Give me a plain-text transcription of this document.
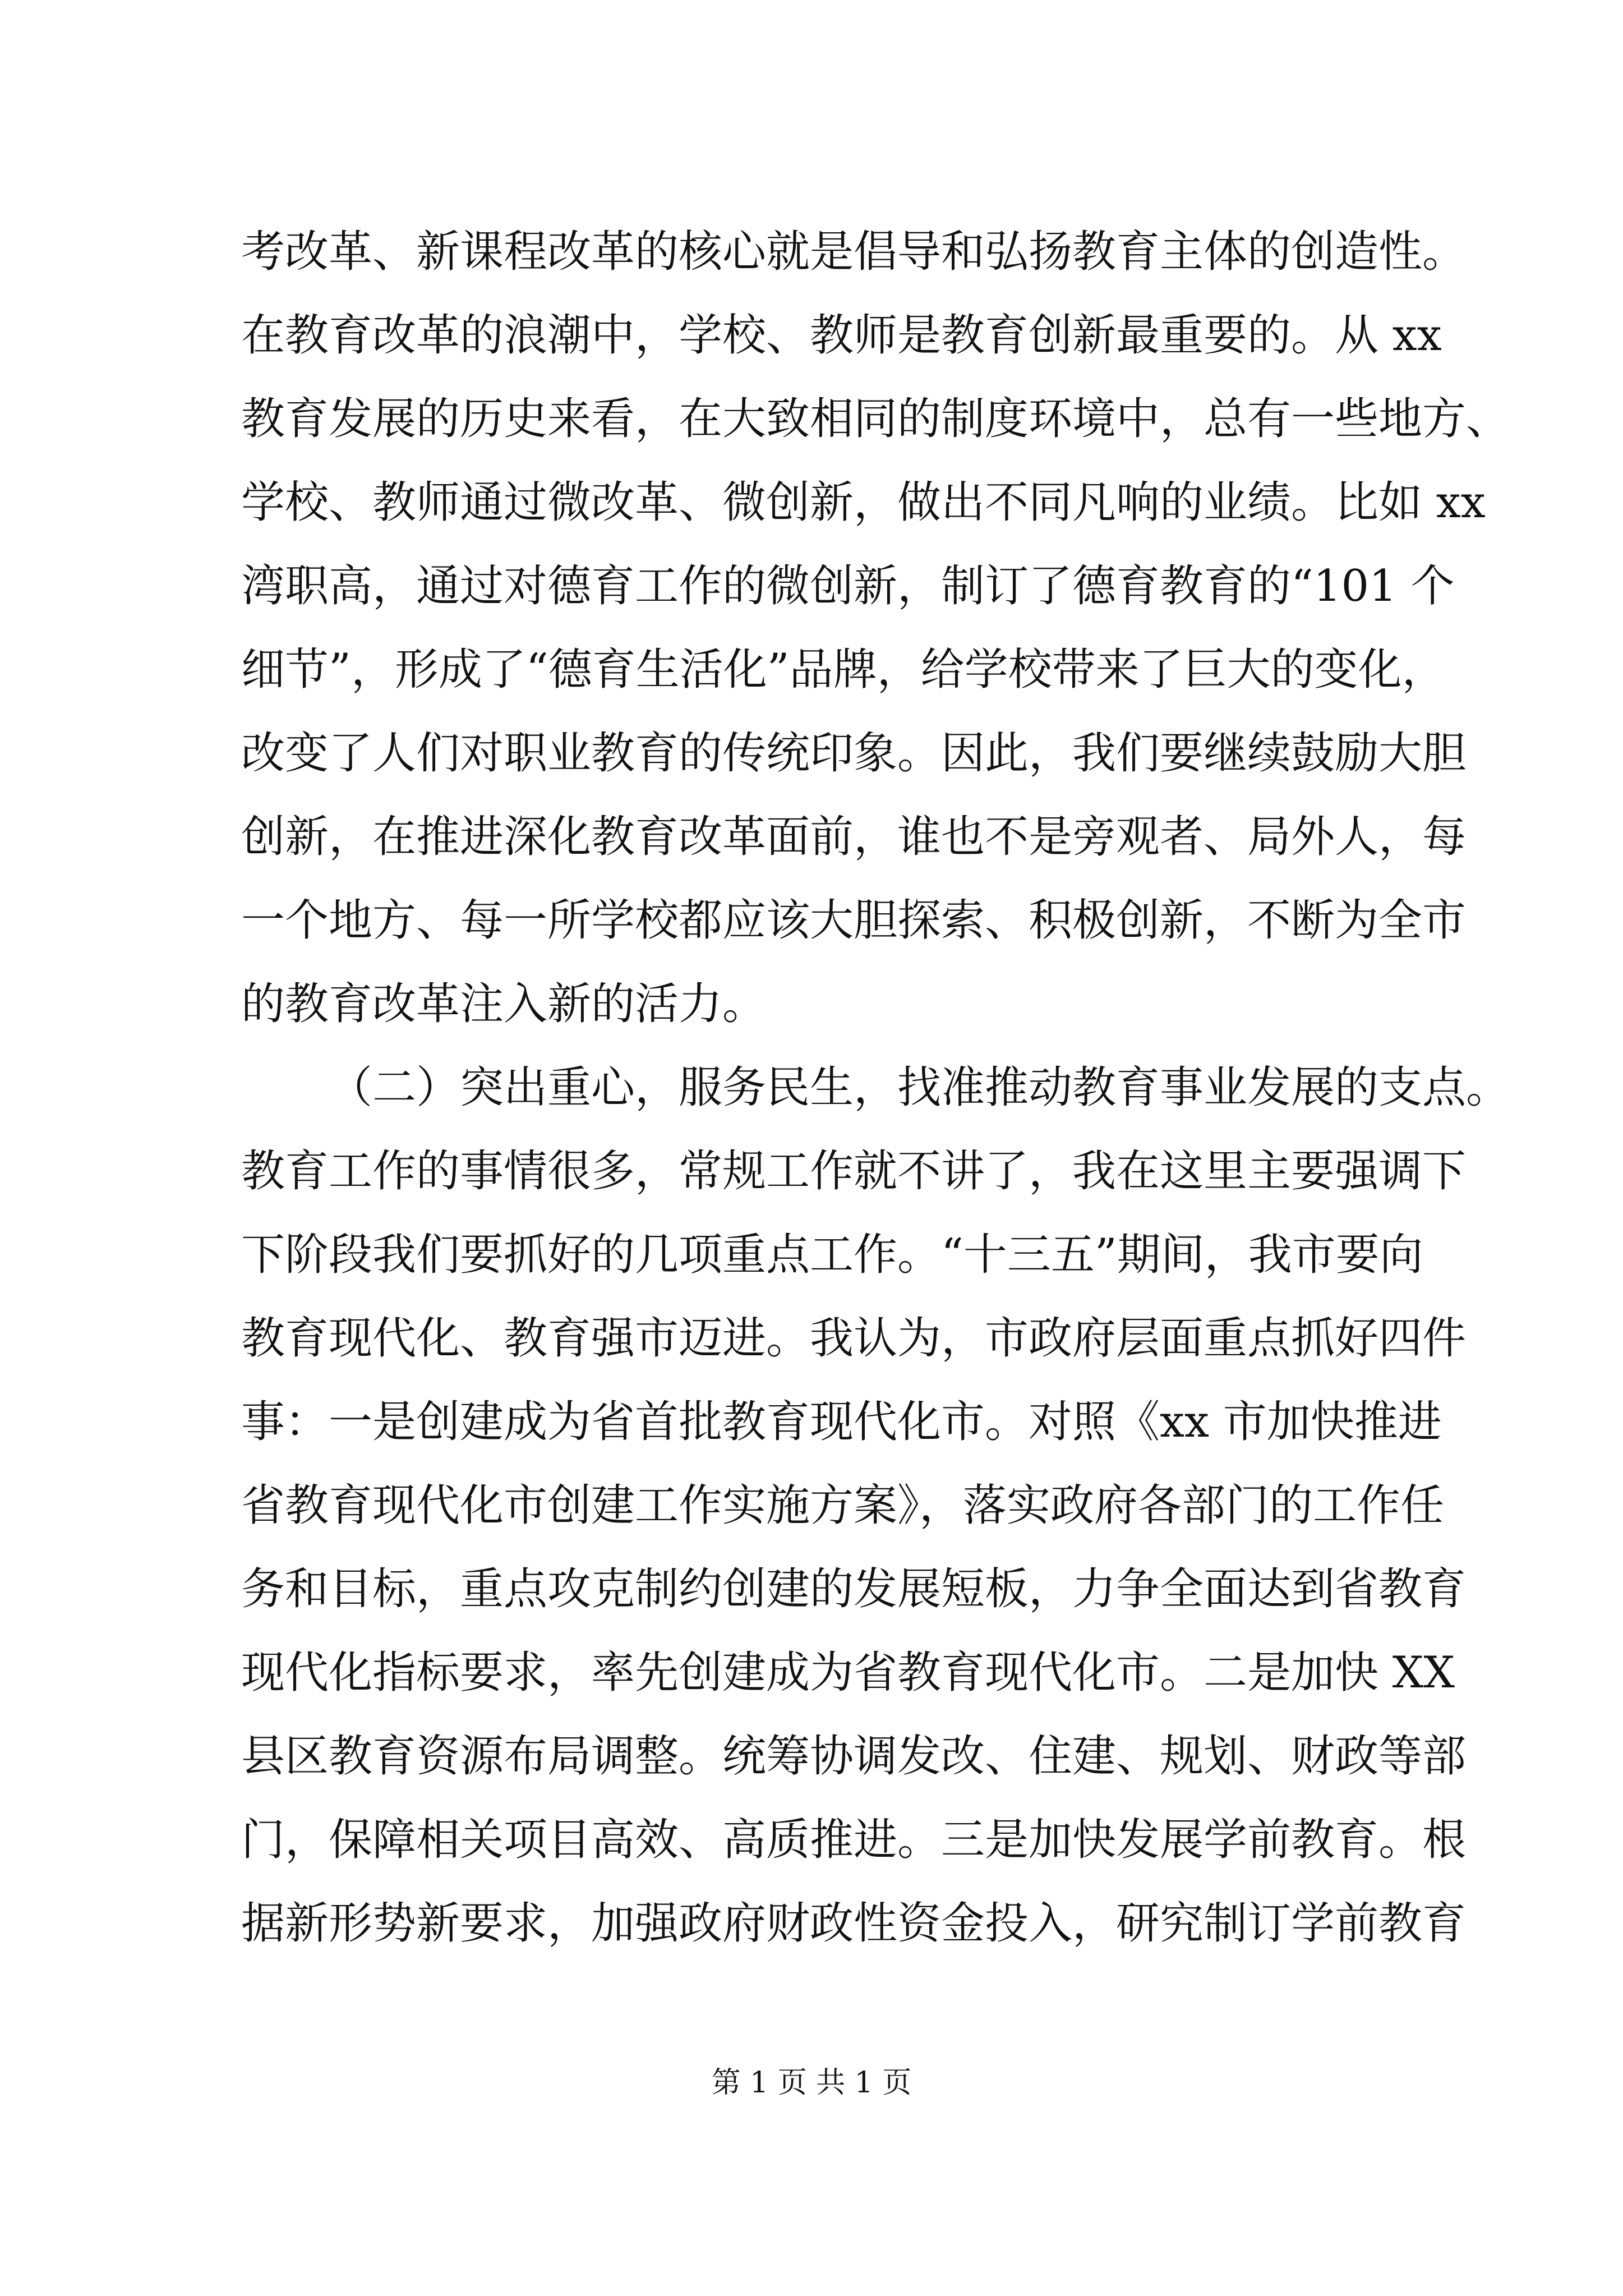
考改革、新课程改革的核心就是倡导和弘扬教育主体的创造性。
在教育改革的浪潮中，学校、教师是教育创新最重要的。从 xx
教育发展的历史来看，在大致相同的制度环境中，总有一些地方、
学校、教师通过微改革、微创新，做出不同凡响的业绩。比如 xx
湾职高，通过对德育工作的微创新，制订了德育教育的“101 个
细节”，形成了“德育生活化”品牌，给学校带来了巨大的变化，
改变了人们对职业教育的传统印象。因此，我们要继续鼓励大胆
创新，在推进深化教育改革面前，谁也不是旁观者、局外人，每
一个地方、每一所学校都应该大胆探索、积极创新，不断为全市
的教育改革注入新的活力。
（二）突出重心，服务民生，找准推动教育事业发展的支点。
教育工作的事情很多，常规工作就不讲了，我在这里主要强调下
下阶段我们要抓好的几项重点工作。“十三五”期间，我市要向
教育现代化、教育强市迈进。我认为，市政府层面重点抓好四件
事：一是创建成为省首批教育现代化市。对照《xx 市加快推进
省教育现代化市创建工作实施方案》，落实政府各部门的工作任
务和目标，重点攻克制约创建的发展短板，力争全面达到省教育
现代化指标要求，率先创建成为省教育现代化市。二是加快 XX
县区教育资源布局调整。统筹协调发改、住建、规划、财政等部
门，保障相关项目高效、高质推进。三是加快发展学前教育。根
据新形势新要求，加强政府财政性资金投入，研究制订学前教育
第 1 页 共 1 页
